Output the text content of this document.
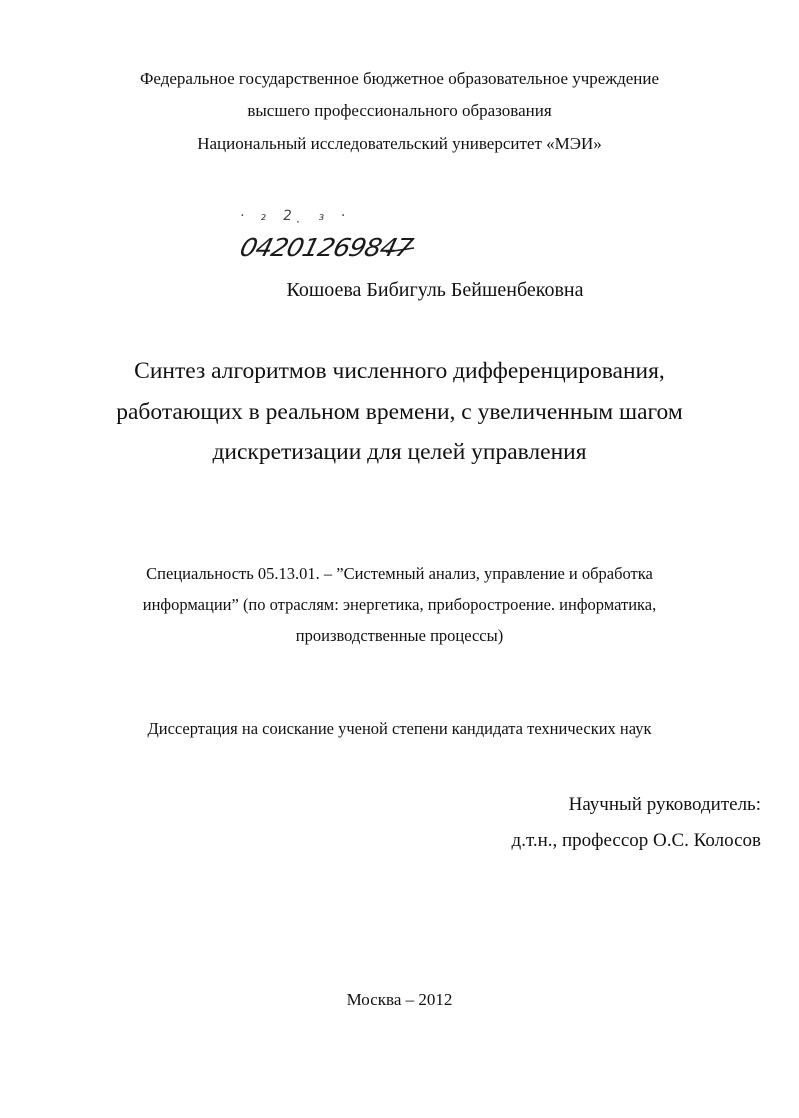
Федеральное государственное бюджетное образовательное учреждение
высшего профессионального образования
Национальный исследовательский университет «МЭИ»
· ₂ 2 ̣ ₃ ·
04201269847
Кошоева Бибигуль Бейшенбековна
Синтез алгоритмов численного дифференцирования,
работающих в реальном времени, с увеличенным шагом
дискретизации для целей управления
Специальность 05.13.01. – ”Системный анализ, управление и обработка
информации” (по отраслям: энергетика, приборостроение. информатика,
производственные процессы)
Диссертация на соискание ученой степени кандидата технических наук
Научный руководитель:
д.т.н., профессор О.С. Колосов
Москва – 2012
